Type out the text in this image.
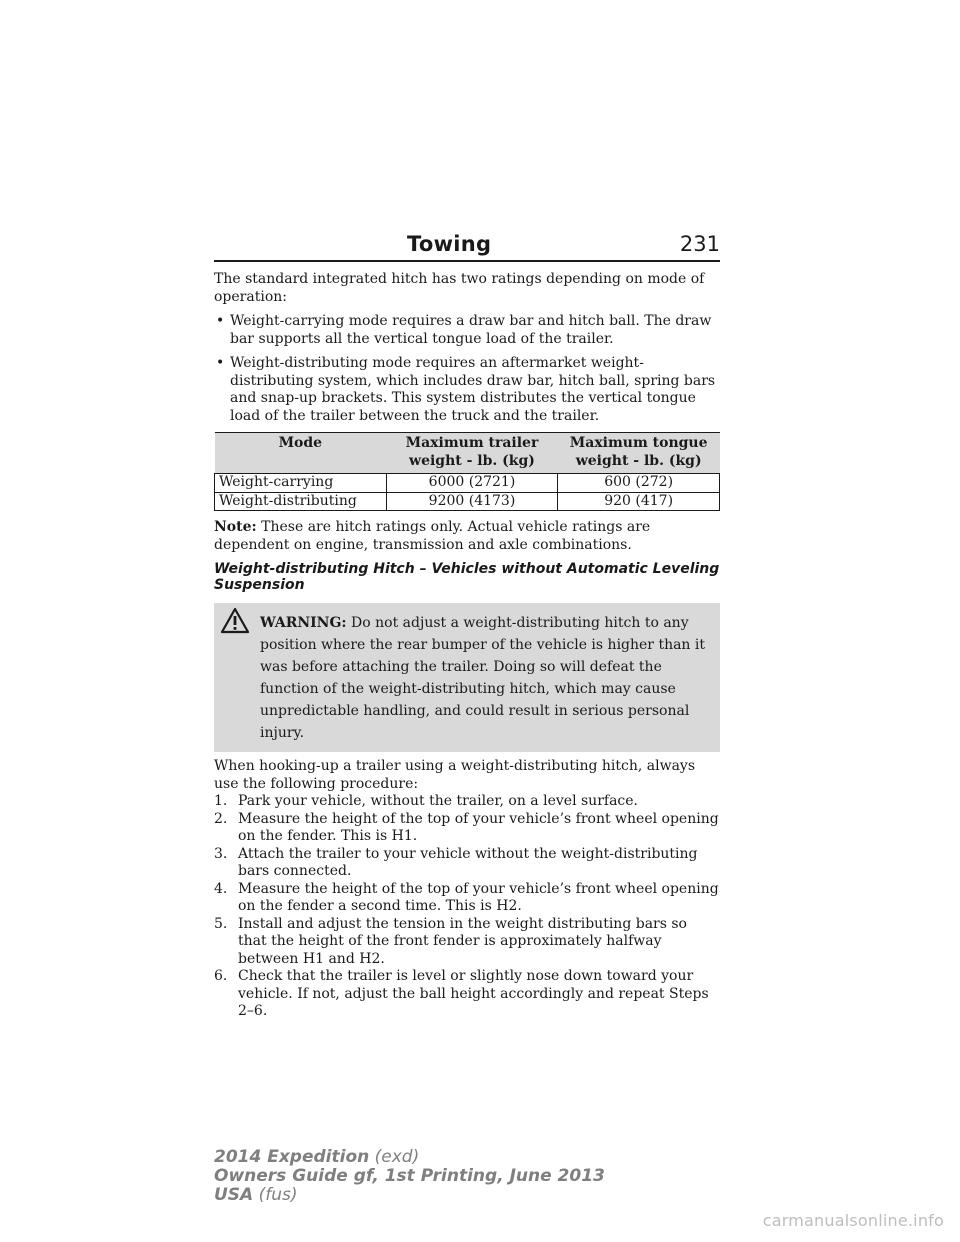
Towing	231

The standard integrated hitch has two ratings depending on mode of operation:

• Weight-carrying mode requires a draw bar and hitch ball. The draw bar supports all the vertical tongue load of the trailer.
• Weight-distributing mode requires an aftermarket weight-distributing system, which includes draw bar, hitch ball, spring bars and snap-up brackets. This system distributes the vertical tongue load of the trailer between the truck and the trailer.
Mode	Maximum trailer weight - lb. (kg)	Maximum tongue weight - lb. (kg)
Weight-carrying	6000 (2721)	600 (272)
Weight-distributing	9200 (4173)	920 (417)

Note: These are hitch ratings only. Actual vehicle ratings are dependent on engine, transmission and axle combinations.

Weight-distributing Hitch – Vehicles without Automatic Leveling Suspension
WARNING: Do not adjust a weight-distributing hitch to any position where the rear bumper of the vehicle is higher than it was before attaching the trailer. Doing so will defeat the function of the weight-distributing hitch, which may cause unpredictable handling, and could result in serious personal injury.

When hooking-up a trailer using a weight-distributing hitch, always use the following procedure:

1. Park your vehicle, without the trailer, on a level surface.
2. Measure the height of the top of your vehicle’s front wheel opening on the fender. This is H1.
3. Attach the trailer to your vehicle without the weight-distributing bars connected.
4. Measure the height of the top of your vehicle’s front wheel opening on the fender a second time. This is H2.
5. Install and adjust the tension in the weight distributing bars so that the height of the front fender is approximately halfway between H1 and H2.
6. Check that the trailer is level or slightly nose down toward your vehicle. If not, adjust the ball height accordingly and repeat Steps 2–6.
2014 Expedition (exd)
Owners Guide gf, 1st Printing, June 2013
USA (fus)
carmanualsonline.info
